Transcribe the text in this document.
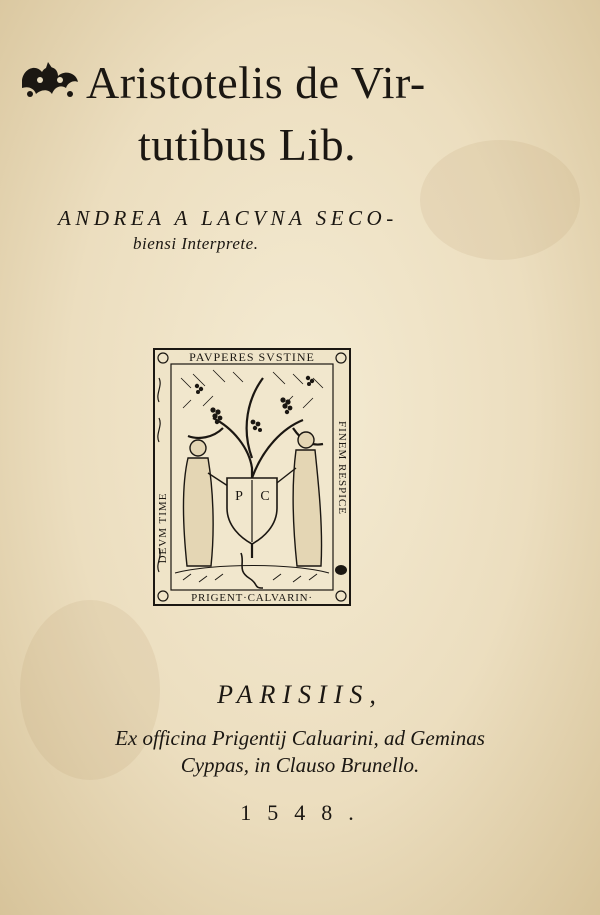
Aristotelis de Vir-
tutibus Lib.
ANDREA A LACVNA SECO-
biensi Interprete.
P C
PAVPERES SVSTINE
PRIGENT·CALVARIN·
DEVM TIME
FINEM RESPICE
PARISIIS,
Ex officina Prigentij Caluarini, ad Geminas
Cyppas, in Clauso Brunello.
1548.
